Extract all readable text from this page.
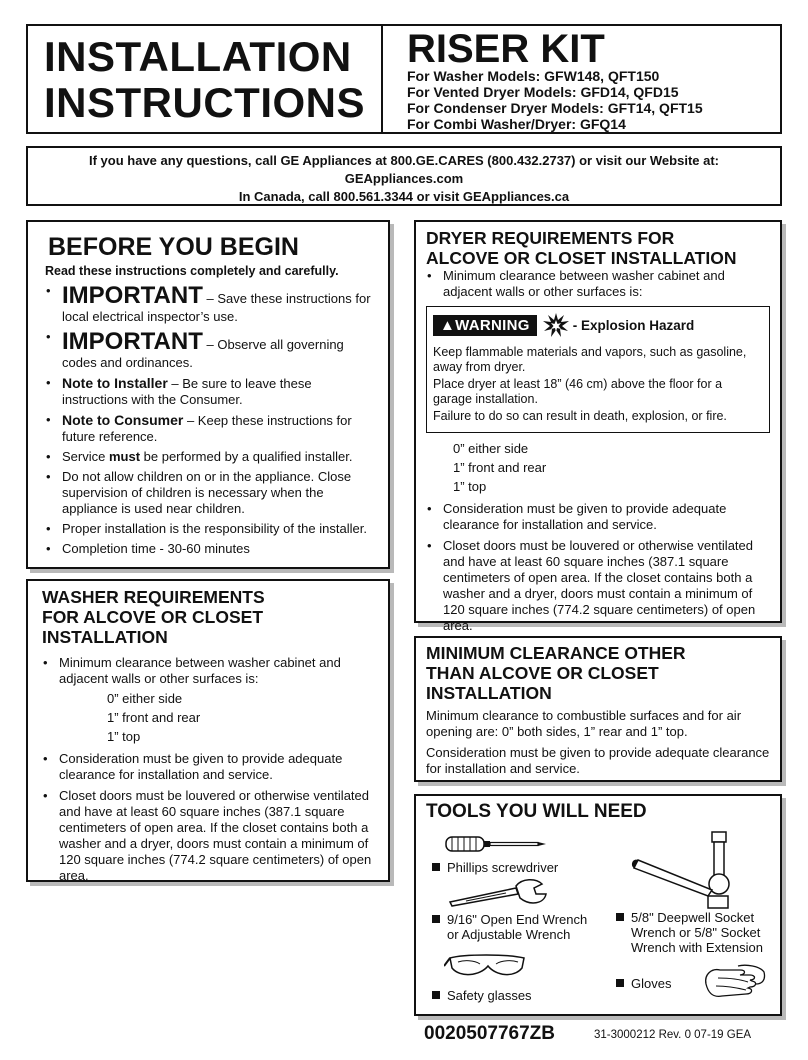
INSTALLATION
INSTRUCTIONS
RISER KIT
For Washer Models: GFW148, QFT150
For Vented Dryer Models: GFD14, QFD15
For Condenser Dryer Models: GFT14, QFT15
For Combi Washer/Dryer: GFQ14
If you have any questions, call GE Appliances at 800.GE.CARES (800.432.2737) or visit our Website at:
GEAppliances.com
In Canada, call 800.561.3344 or visit GEAppliances.ca
BEFORE YOU BEGIN
Read these instructions completely and carefully.
• IMPORTANT – Save these instructions for local electrical inspector’s use.
• IMPORTANT – Observe all governing codes and ordinances.
• Note to Installer – Be sure to leave these instructions with the Consumer.
• Note to Consumer – Keep these instructions for future reference.
• Service must be performed by a qualified installer.
• Do not allow children on or in the appliance. Close supervision of children is necessary when the appliance is used near children.
• Proper installation is the responsibility of the installer.
• Completion time - 30-60 minutes
WASHER REQUIREMENTS
FOR ALCOVE OR CLOSET
INSTALLATION
• Minimum clearance between washer cabinet and adjacent walls or other surfaces is:
0” either side
1” front and rear
1” top
• Consideration must be given to provide adequate clearance for installation and service.
• Closet doors must be louvered or otherwise ventilated and have at least 60 square inches (387.1 square centimeters of open area. If the closet contains both a washer and a dryer, doors must contain a minimum of 120 square inches (774.2 square centimeters) of open area.
DRYER REQUIREMENTS FOR
ALCOVE OR CLOSET INSTALLATION
• Minimum clearance between washer cabinet and adjacent walls or other surfaces is:
▲WARNING	- Explosion Hazard

Keep flammable materials and vapors, such as gasoline, away from dryer.

Place dryer at least 18” (46 cm) above the floor for a garage installation.

Failure to do so can result in death, explosion, or fire.

0” either side
1” front and rear
1” top
• Consideration must be given to provide adequate clearance for installation and service.
• Closet doors must be louvered or otherwise ventilated and have at least 60 square inches (387.1 square centimeters of open area. If the closet contains both a washer and a dryer, doors must contain a minimum of 120 square inches (774.2 square centimeters) of open area.
MINIMUM CLEARANCE OTHER
THAN ALCOVE OR CLOSET
INSTALLATION

Minimum clearance to combustible surfaces and for air opening are: 0” both sides, 1” rear and 1” top.

Consideration must be given to provide adequate clearance for installation and service.

TOOLS YOU WILL NEED
Phillips screwdriver
9/16" Open End Wrench
or Adjustable Wrench
Safety glasses
5/8" Deepwell Socket
Wrench or 5/8" Socket
Wrench with Extension
Gloves
0020507767ZB	31-3000212 Rev. 0 07-19 GEA
